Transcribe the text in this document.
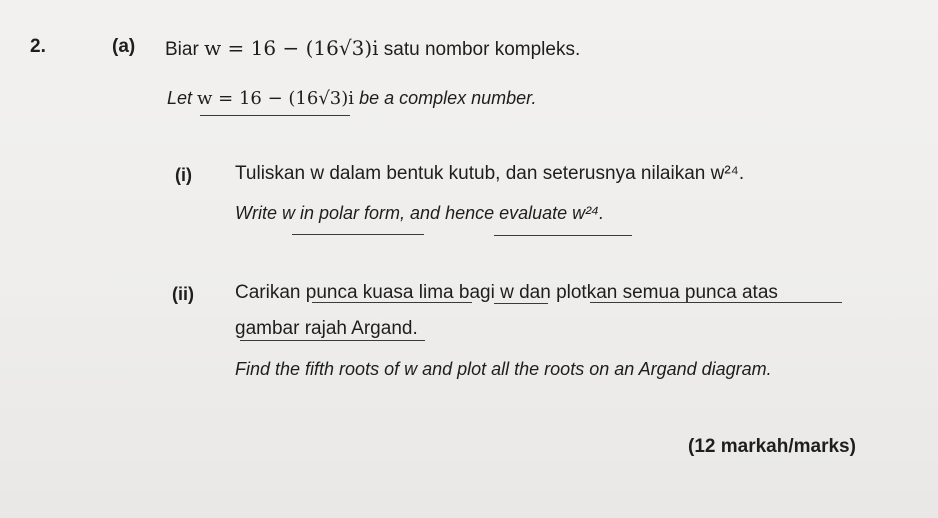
2.	(a) Biar w = 16 − (16√3)i satu nombor kompleks.
Let w = 16 − (16√3)i be a complex number.
(i) Tuliskan w dalam bentuk kutub, dan seterusnya nilaikan w²⁴.
Write w in polar form, and hence evaluate w²⁴.
(ii) Carikan punca kuasa lima bagi w dan plotkan semua punca atas
gambar rajah Argand.
Find the fifth roots of w and plot all the roots on an Argand diagram.
(12 markah/marks)
